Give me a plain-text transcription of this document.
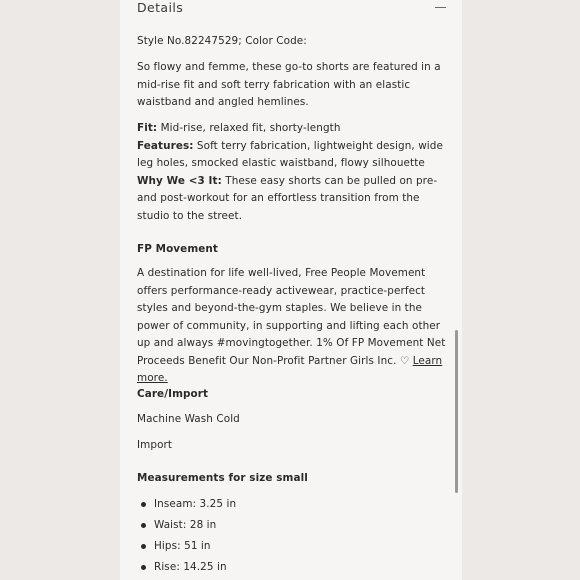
Details

Style No.82247529; Color Code:

So flowy and femme, these go-to shorts are featured in a mid-rise fit and soft terry fabrication with an elastic waistband and angled hemlines.

Fit: Mid-rise, relaxed fit, shorty-length
Features: Soft terry fabrication, lightweight design, wide leg holes, smocked elastic waistband, flowy silhouette
Why We <3 It: These easy shorts can be pulled on pre- and post-workout for an effortless transition from the studio to the street.

FP Movement

A destination for life well-lived, Free People Movement offers performance-ready activewear, practice-perfect styles and beyond-the-gym staples. We believe in the power of community, in supporting and lifting each other up and always #movingtogether. 1% Of FP Movement Net Proceeds Benefit Our Non-Profit Partner Girls Inc. ♡ Learn more.

Care/Import

Machine Wash Cold

Import

Measurements for size small

Inseam: 3.25 in
Waist: 28 in
Hips: 51 in
Rise: 14.25 in
